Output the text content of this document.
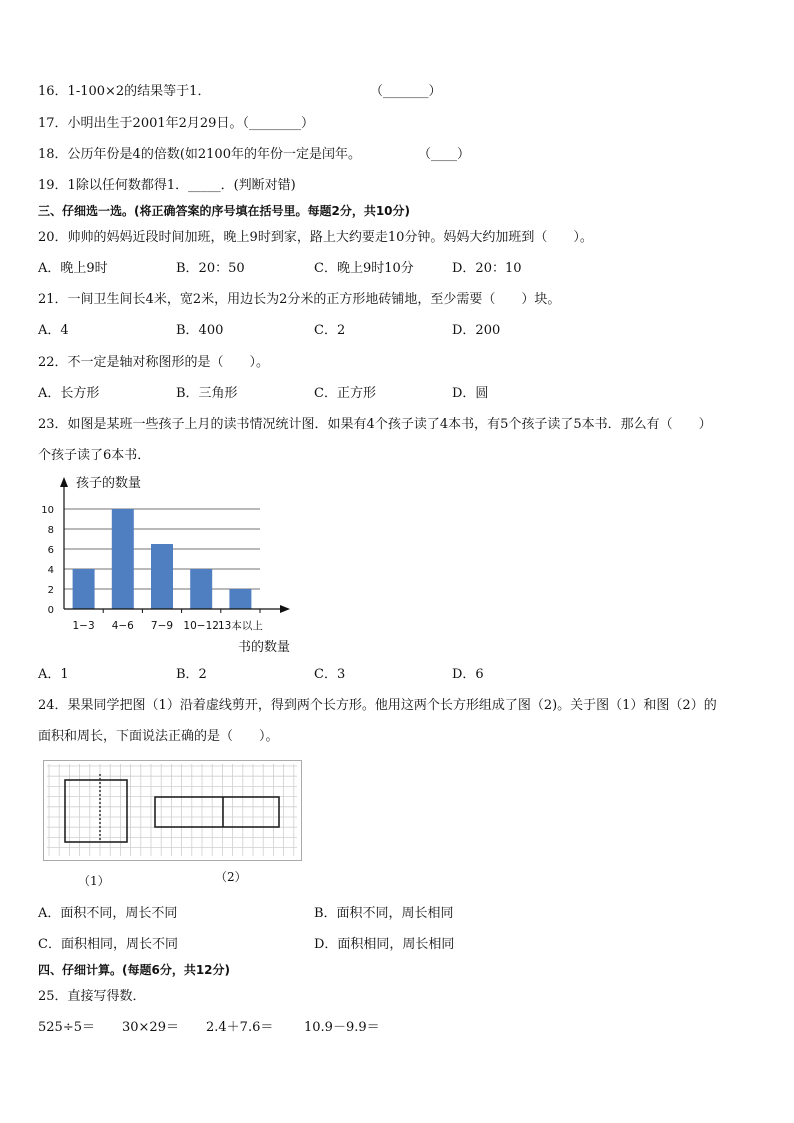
16．1-100×2的结果等于1．	（_______）
17．小明出生于2001年2月29日。（________）
18．公历年份是4的倍数(如2100年的年份一定是闰年。	（____）
19．1除以任何数都得1．_____．(判断对错)
三、仔细选一选。(将正确答案的序号填在括号里。每题2分，共10分)
20．帅帅的妈妈近段时间加班，晚上9时到家，路上大约要走10分钟。妈妈大约加班到（　　）。
A．晚上9时	B．20：50	C．晚上9时10分	D．20：10
21．一间卫生间长4米，宽2米，用边长为2分米的正方形地砖铺地，至少需要（　　）块。
A．4	B．400	C．2	D．200
22．不一定是轴对称图形的是（　　）。
A．长方形	B．三角形	C．正方形	D．圆
23．如图是某班一些孩子上月的读书情况统计图．如果有4个孩子读了4本书，有5个孩子读了5本书．那么有（　　）
个孩子读了6本书．
0
2
4
6
8
10
1−3 4−6 7−9 10−12
13本以上
孩子的数量
书的数量
A．1	B．2	C．3	D．6
24．果果同学把图（1）沿着虚线剪开，得到两个长方形。他用这两个长方形组成了图（2)。关于图（1）和图（2）的
面积和周长，下面说法正确的是（　　）。
（1）	（2）
A．面积不同，周长不同	B．面积不同，周长相同
C．面积相同，周长不同	D．面积相同，周长相同
四、仔细计算。(每题6分，共12分)
25．直接写得数．
525÷5＝ 30×29＝ 2.4＋7.6＝ 10.9－9.9＝
